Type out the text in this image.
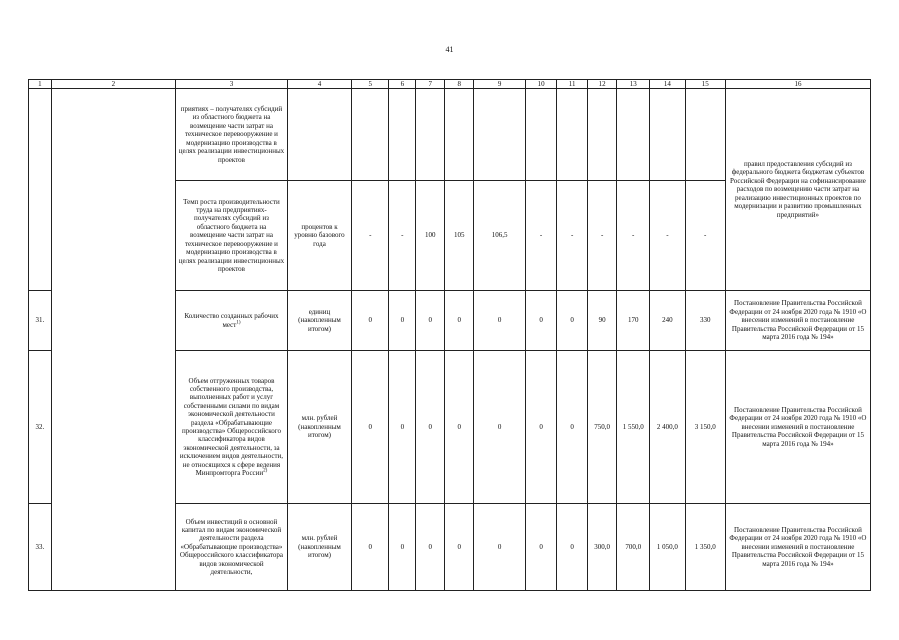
41
1	2	3	4	5	6	7	8	9	10	11	12	13	14	15	16
		приятиях – получателях субсидий из областного бюджета на возмещение части затрат на техническое перевооружение и модернизацию производства в целях реализации инвестиционных проектов													правил предоставления субсидий из федерального бюджета бюджетам субъектов Российской Федерации на софинансирование расходов по возмещению части затрат на реализацию инвестиционных проектов по модернизации и развитию промышленных предприятий»
		Темп роста производительности труда на предприятиях-получателях субсидий из областного бюджета на возмещение части затрат на техническое перевооружение и модернизацию производства в целях реализации инвестиционных проектов	процентов к уровню базового года	-	-	100	105	106,5	-	-	-	-	-	-	
31.		Количество созданных рабочих мест$^{1)}$	единиц (накопленным итогом)	0	0	0	0	0	0	0	90	170	240	330	Постановление Правительства Российской Федерации от 24 ноября 2020 года № 1910 «О внесении изменений в постановление Правительства Российской Федерации от 15 марта 2016 года № 194»
32.		Объем отгруженных товаров собственного производства, выполненных работ и услуг собственными силами по видам экономической деятельности раздела «Обрабатывающие производства» Общероссийского классификатора видов экономической деятельности, за исключением видов деятельности, не относящихся к сфере ведения Минпромторга России$^{2)}$	млн. рублей (накопленным итогом)	0	0	0	0	0	0	0	750,0	1 550,0	2 400,0	3 150,0	Постановление Правительства Российской Федерации от 24 ноября 2020 года № 1910 «О внесении изменений в постановление Правительства Российской Федерации от 15 марта 2016 года № 194»
33.		Объем инвестиций в основной капитал по видам экономической деятельности раздела «Обрабатывающие производства» Общероссийского классификатора видов экономической деятельности,	млн. рублей (накопленным итогом)	0	0	0	0	0	0	0	300,0	700,0	1 050,0	1 350,0	Постановление Правительства Российской Федерации от 24 ноября 2020 года № 1910 «О внесении изменений в постановление Правительства Российской Федерации от 15 марта 2016 года № 194»
